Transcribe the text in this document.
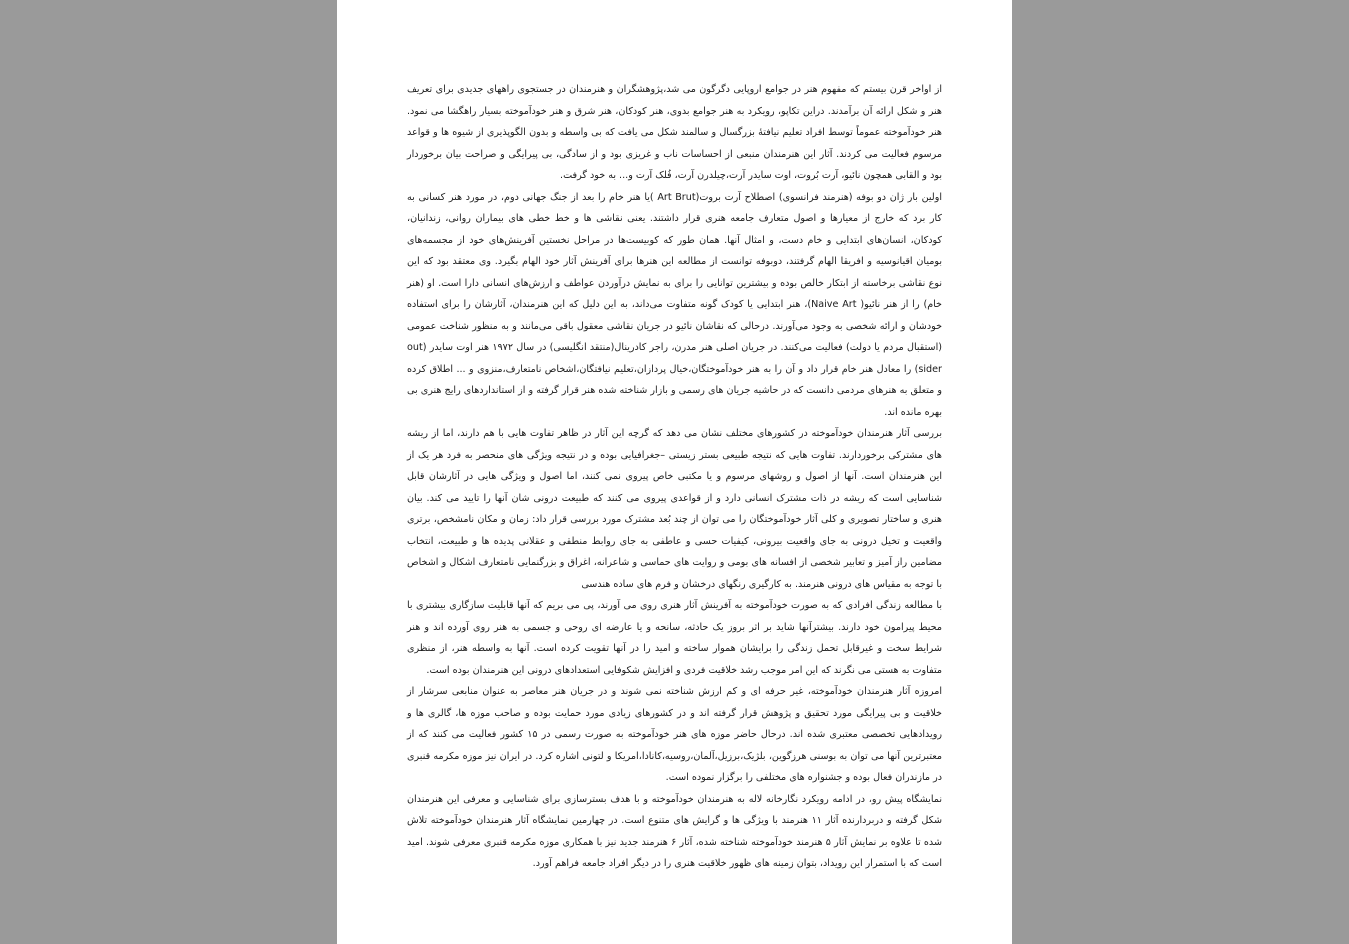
از اواخر قرن بیستم که مفهوم هنر در جوامع اروپایی دگرگون می شد،پژوهشگران و هنرمندان در جستجوی راههای جدیدی برای تعریف هنر و شکل ارائه آن برآمدند. دراین تکاپو، رویکرد به هنر جوامع بدوی، هنر کودکان، هنر شرق و هنر خودآموخته بسیار راهگشا می نمود. هنر خودآموخته عموماً توسط افراد تعلیم نیافتهٔ بزرگسال و سالمند شکل می یافت که بی واسطه و بدون الگوپذیری از شیوه ها و قواعد مرسوم فعالیت می کردند. آثار این هنرمندان منبعی از احساسات ناب و غریزی بود و از سادگی، بی پیرایگی و صراحت بیان برخوردار بود و القابی همچون نائیو، آرت بُروت، اوت سایدر آرت،چیلدرن آرت، فُلک آرت و... به خود گرفت.

اولین بار ژان دو بوفه (هنرمند فرانسوی) اصطلاح آرت بروت(Art Brut )یا هنر خام را بعد از جنگ جهانی دوم، در مورد هنر کسانی به کار برد که خارج از معیارها و اصول متعارف جامعه هنری قرار داشتند. یعنی نقاشی ها و خط خطی های بیماران روانی، زندانیان، کودکان، انسان‌های ابتدایی و خام دست، و امثال آنها. همان طور که کوبیست‌ها در مراحل نخستین آفرینش‌های خود از مجسمه‌های بومیان اقیانوسیه و افریقا الهام گرفتند، دوبوفه توانست از مطالعه این هنرها برای آفرینش آثار خود الهام بگیرد. وی معتقد بود که این نوع نقاشی برخاسته از ابتکار خالص بوده و بیشترین توانایی را برای به نمایش درآوردن عواطف و ارزش‌های انسانی دارا است. او (هنر خام) را از هنر نائیو( Naive Art)، هنر ابتدایی یا کودک گونه متفاوت می‌داند، به این دلیل که این هنرمندان، آثارشان را برای استفاده خودشان و ارائه شخصی به وجود می‌آورند. درحالی که نقاشان نائیو در جریان نقاشی معقول باقی می‌مانند و به منظور شناخت عمومی (استقبال مردم یا دولت) فعالیت می‌کنند. در جریان اصلی هنر مدرن، راجر کادرینال(منتقد انگلیسی) در سال ۱۹۷۲ هنر اوت سایدر (out sider) را معادل هنر خام قرار داد و آن را به هنر خودآموختگان،خیال پردازان،تعلیم نیافتگان،اشخاص نامتعارف،منزوی و ... اطلاق کرده و متعلق به هنرهای مردمی دانست که در حاشیه جریان های رسمی و بازار شناخته شده هنر قرار گرفته و از استانداردهای رایج هنری بی بهره مانده اند.

بررسی آثار هنرمندان خودآموخته در کشورهای مختلف نشان می دهد که گرچه این آثار در ظاهر تفاوت هایی با هم دارند، اما از ریشه های مشترکی برخوردارند. تفاوت هایی که نتیجه طبیعی بستر زیستی –جغرافیایی بوده و در نتیجه ویژگی های منحصر به فرد هر یک از این هنرمندان است. آنها از اصول و روشهای مرسوم و یا مکتبی خاص پیروی نمی کنند، اما اصول و ویژگی هایی در آثارشان قابل شناسایی است که ریشه در ذات مشترک انسانی دارد و از قواعدی پیروی می کنند که طبیعت درونی شان آنها را تایید می کند. بیان هنری و ساختار تصویری و کلی آثار خودآموختگان را می توان از چند بُعد مشترک مورد بررسی قرار داد: زمان و مکان نامشخص، برتری واقعیت و تخیل درونی به جای واقعیت بیرونی، کیفیات حسی و عاطفی به جای روابط منطقی و عقلانی پدیده ها و طبیعت، انتخاب مضامین راز آمیز و تعابیر شخصی از افسانه های بومی و روایت های حماسی و شاعرانه، اغراق و بزرگنمایی نامتعارف اشکال و اشخاص با توجه به مقیاس های درونی هنرمند. به کارگیری رنگهای درخشان و فرم های ساده هندسی

با مطالعه زندگی افرادی که به صورت خودآموخته به آفرینش آثار هنری روی می آورند، پی می بریم که آنها قابلیت سازگاری بیشتری با محیط پیرامون خود دارند. بیشترآنها شاید بر اثر بروز یک حادثه، سانحه و یا عارضه ای روحی و جسمی به هنر روی آورده اند و هنر شرایط سخت و غیرقابل تحمل زندگی را برایشان هموار ساخته و امید را در آنها تقویت کرده است. آنها به واسطه هنر، از منظری متفاوت به هستی می نگرند که این امر موجب رشد خلاقیت فردی و افزایش شکوفایی استعدادهای درونی این هنرمندان بوده است.

امروزه آثار هنرمندان خودآموخته، غیر حرفه ای و کم ارزش شناخته نمی شوند و در جریان هنر معاصر به عنوان منابعی سرشار از خلاقیت و بی پیرایگی مورد تحقیق و پژوهش قرار گرفته اند و در کشورهای زیادی مورد حمایت بوده و صاحب موزه ها، گالری ها و رویدادهایی تخصصی معتبری شده اند. درحال حاضر موزه های هنر خودآموخته به صورت رسمی در ۱۵ کشور فعالیت می کنند که از معتبرترین آنها می توان به بوسنی هرزگوین، بلژیک،برزیل،آلمان،روسیه،کانادا،امریکا و لتونی اشاره کرد. در ایران نیز موزه مکرمه قنبری در مازندران فعال بوده و جشنواره های مختلفی را برگزار نموده است.

نمایشگاه پیش رو، در ادامه رویکرد نگارخانه لاله به هنرمندان خودآموخته و با هدف بسترسازی برای شناسایی و معرفی این هنرمندان شکل گرفته و دربردارنده آثار ۱۱ هنرمند با ویژگی ها و گرایش های متنوع است. در چهارمین نمایشگاه آثار هنرمندان خودآموخته تلاش شده تا علاوه بر نمایش آثار ۵ هنرمند خودآموخته شناخته شده، آثار ۶ هنرمند جدید نیز با همکاری موزه مکرمه قنبری معرفی شوند. امید است که با استمرار این رویداد، بتوان زمینه های ظهور خلاقیت هنری را در دیگر افراد جامعه فراهم آورد.
